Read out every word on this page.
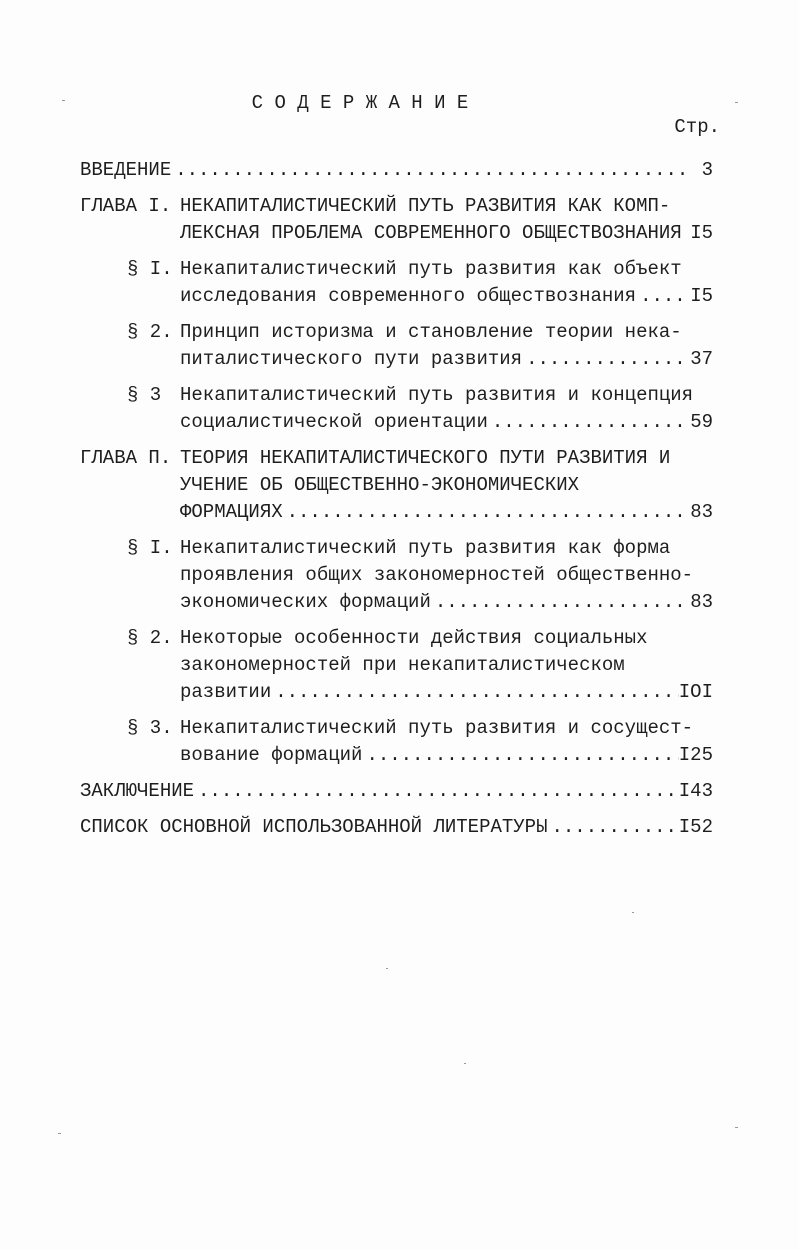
С О Д Е Р Ж А Н И Е
Стр.
ВВЕДЕНИЕ .....	3
ГЛАВА I. НЕКАПИТАЛИСТИЧЕСКИЙ ПУТЬ РАЗВИТИЯ КАК КОМП-
ЛЕКСНАЯ ПРОБЛЕМА СОВРЕМЕННОГО ОБЩЕСТВОЗНАНИЯ ..... I5
§ I. Некапиталистический путь развития как объект
исследования современного обществознания .....	I5
§ 2. Принцип историзма и становление теории нека-
питалистического пути развития .....	37
§ 3 Некапиталистический путь развития и концепция
социалистической ориентации .....	59
ГЛАВА П. ТЕОРИЯ НЕКАПИТАЛИСТИЧЕСКОГО ПУТИ РАЗВИТИЯ И
УЧЕНИЕ ОБ ОБЩЕСТВЕННО-ЭКОНОМИЧЕСКИХ
ФОРМАЦИЯХ .....	83
§ I. Некапиталистический путь развития как форма
проявления общих закономерностей общественно-
экономических формаций .....	83
§ 2. Некоторые особенности действия социальных
закономерностей при некапиталистическом
развитии .....	IOI
§ 3. Некапиталистический путь развития и сосущест-
вование формаций .....	I25
ЗАКЛЮЧЕНИЕ .....	I43
СПИСОК ОСНОВНОЙ ИСПОЛЬЗОВАННОЙ ЛИТЕРАТУРЫ .....	I52
